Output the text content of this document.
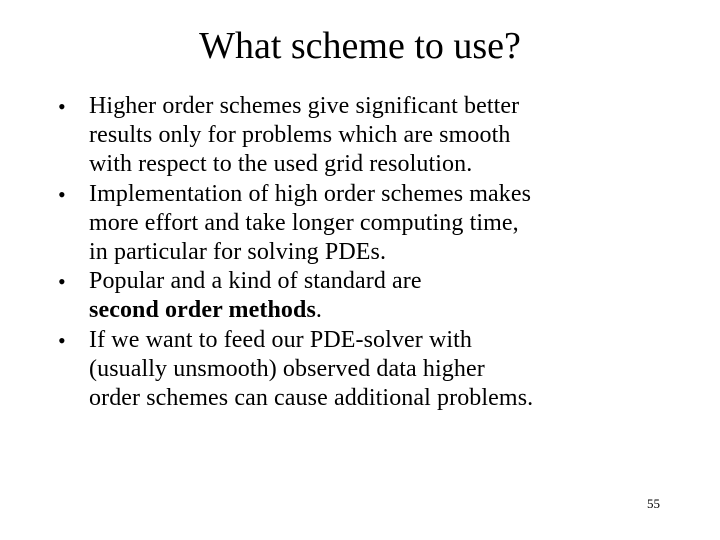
What scheme to use?
• Higher order schemes give significant better
results only for problems which are smooth
with respect to the used grid resolution.
• Implementation of high order schemes makes
more effort and take longer computing time,
in particular for solving PDEs.
• Popular and a kind of standard are
second order methods.
• If we want to feed our PDE-solver with
(usually unsmooth) observed data higher
order schemes can cause additional problems.
55
